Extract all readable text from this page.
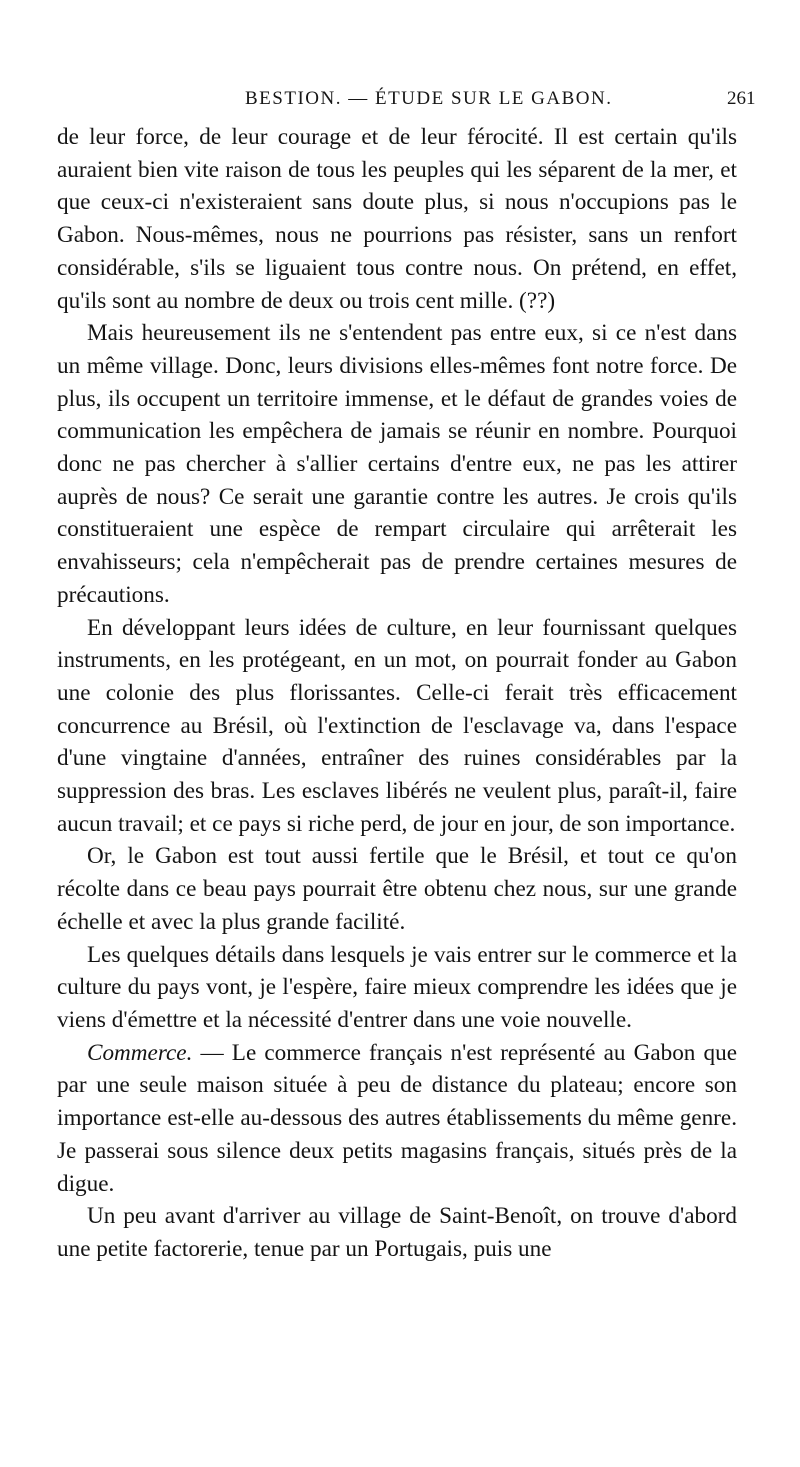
BESTION. — ÉTUDE SUR LE GABON.	261

de leur force, de leur courage et de leur férocité. Il est certain qu'ils auraient bien vite raison de tous les peuples qui les séparent de la mer, et que ceux-ci n'existeraient sans doute plus, si nous n'occupions pas le Gabon. Nous-mêmes, nous ne pourrions pas résister, sans un renfort considérable, s'ils se liguaient tous contre nous. On prétend, en effet, qu'ils sont au nombre de deux ou trois cent mille. (??)

Mais heureusement ils ne s'entendent pas entre eux, si ce n'est dans un même village. Donc, leurs divisions elles-mêmes font notre force. De plus, ils occupent un territoire immense, et le défaut de grandes voies de communication les empêchera de jamais se réunir en nombre. Pourquoi donc ne pas chercher à s'allier certains d'entre eux, ne pas les attirer auprès de nous? Ce serait une garantie contre les autres. Je crois qu'ils constitueraient une espèce de rempart circulaire qui arrêterait les envahisseurs; cela n'empêcherait pas de prendre certaines mesures de précautions.

En développant leurs idées de culture, en leur fournissant quelques instruments, en les protégeant, en un mot, on pourrait fonder au Gabon une colonie des plus florissantes. Celle-ci ferait très efficacement concurrence au Brésil, où l'extinction de l'esclavage va, dans l'espace d'une vingtaine d'années, entraîner des ruines considérables par la suppression des bras. Les esclaves libérés ne veulent plus, paraît-il, faire aucun travail; et ce pays si riche perd, de jour en jour, de son importance.

Or, le Gabon est tout aussi fertile que le Brésil, et tout ce qu'on récolte dans ce beau pays pourrait être obtenu chez nous, sur une grande échelle et avec la plus grande facilité.

Les quelques détails dans lesquels je vais entrer sur le commerce et la culture du pays vont, je l'espère, faire mieux comprendre les idées que je viens d'émettre et la nécessité d'entrer dans une voie nouvelle.

Commerce. — Le commerce français n'est représenté au Gabon que par une seule maison située à peu de distance du plateau; encore son importance est-elle au-dessous des autres établissements du même genre. Je passerai sous silence deux petits magasins français, situés près de la digue.

Un peu avant d'arriver au village de Saint-Benoît, on trouve d'abord une petite factorerie, tenue par un Portugais, puis une
